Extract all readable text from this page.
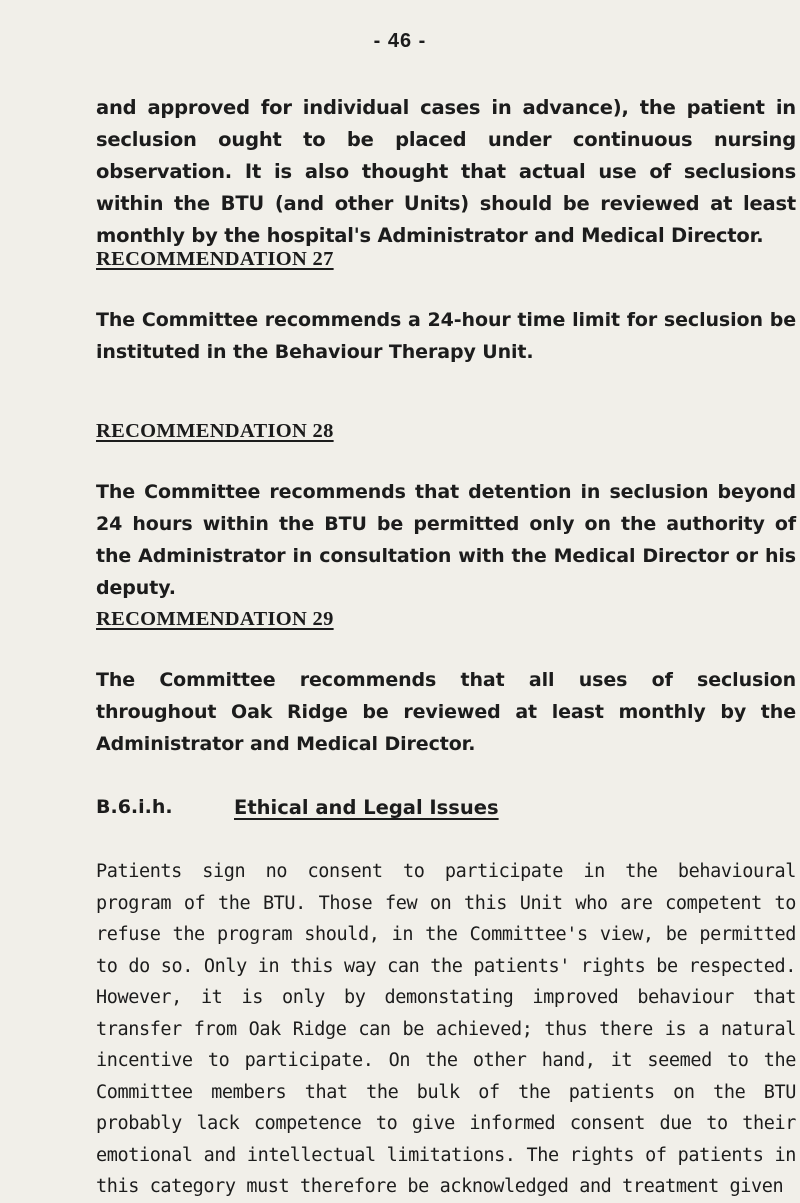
- 46 -

and approved for individual cases in advance), the patient in seclusion ought to be placed under continuous nursing observation. It is also thought that actual use of seclusions within the BTU (and other Units) should be reviewed at least monthly by the hospital's Administrator and Medical Director.

RECOMMENDATION 27

The Committee recommends a 24-hour time limit for seclusion be instituted in the Behaviour Therapy Unit.

RECOMMENDATION 28

The Committee recommends that detention in seclusion beyond 24 hours within the BTU be permitted only on the authority of the Administrator in consultation with the Medical Director or his deputy.

RECOMMENDATION 29

The Committee recommends that all uses of seclusion throughout Oak Ridge be reviewed at least monthly by the Administrator and Medical Director.

B.6.i.h.	Ethical and Legal Issues

Patients sign no consent to participate in the behavioural program of the BTU. Those few on this Unit who are competent to refuse the program should, in the Committee's view, be permitted to do so. Only in this way can the patients' rights be respected. However, it is only by demonstating improved behaviour that transfer from Oak Ridge can be achieved; thus there is a natural incentive to participate. On the other hand, it seemed to the Committee members that the bulk of the patients on the BTU probably lack competence to give informed consent due to their emotional and intellectual limitations. The rights of patients in this category must therefore be acknowledged and treatment given
